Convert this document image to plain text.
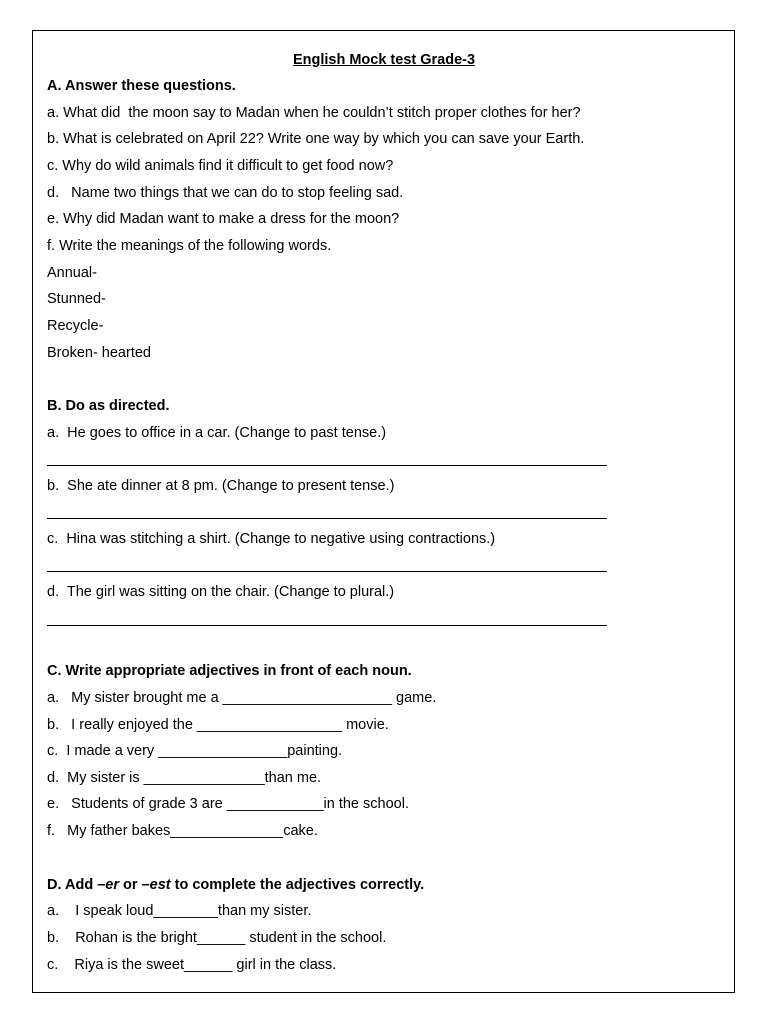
English Mock test Grade-3
A. Answer these questions.
a. What did  the moon say to Madan when he couldn’t stitch proper clothes for her?
b. What is celebrated on April 22? Write one way by which you can save your Earth.
c. Why do wild animals find it difficult to get food now?
d.   Name two things that we can do to stop feeling sad.
e. Why did Madan want to make a dress for the moon?
f. Write the meanings of the following words.
Annual-
Stunned-
Recycle-
Broken- hearted
B. Do as directed.
a.  He goes to office in a car. (Change to past tense.)
b.  She ate dinner at 8 pm. (Change to present tense.)
c.  Hina was stitching a shirt. (Change to negative using contractions.)
d.  The girl was sitting on the chair. (Change to plural.)
C. Write appropriate adjectives in front of each noun.
a.   My sister brought me a _____________________ game.
b.   I really enjoyed the __________________ movie.
c.  I made a very ________________painting.
d.  My sister is _______________than me.
e.   Students of grade 3 are ____________in the school.
f.   My father bakes______________cake.
D. Add –er or –est to complete the adjectives correctly.
a.    I speak loud________than my sister.
b.    Rohan is the bright______ student in the school.
c.    Riya is the sweet______ girl in the class.
